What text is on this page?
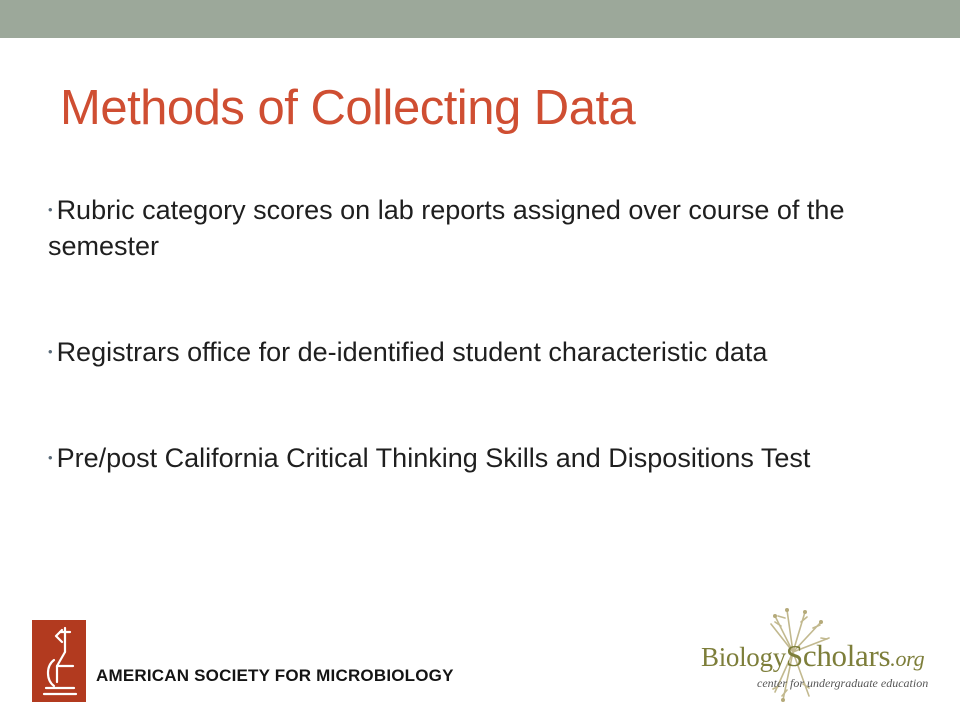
Methods of Collecting Data
• Rubric category scores on lab reports assigned over course of the semester
• Registrars office for de-identified student characteristic data
• Pre/post California Critical Thinking Skills and Dispositions Test
AMERICAN SOCIETY FOR MICROBIOLOGY
BiologyScholars.org
center for undergraduate education
